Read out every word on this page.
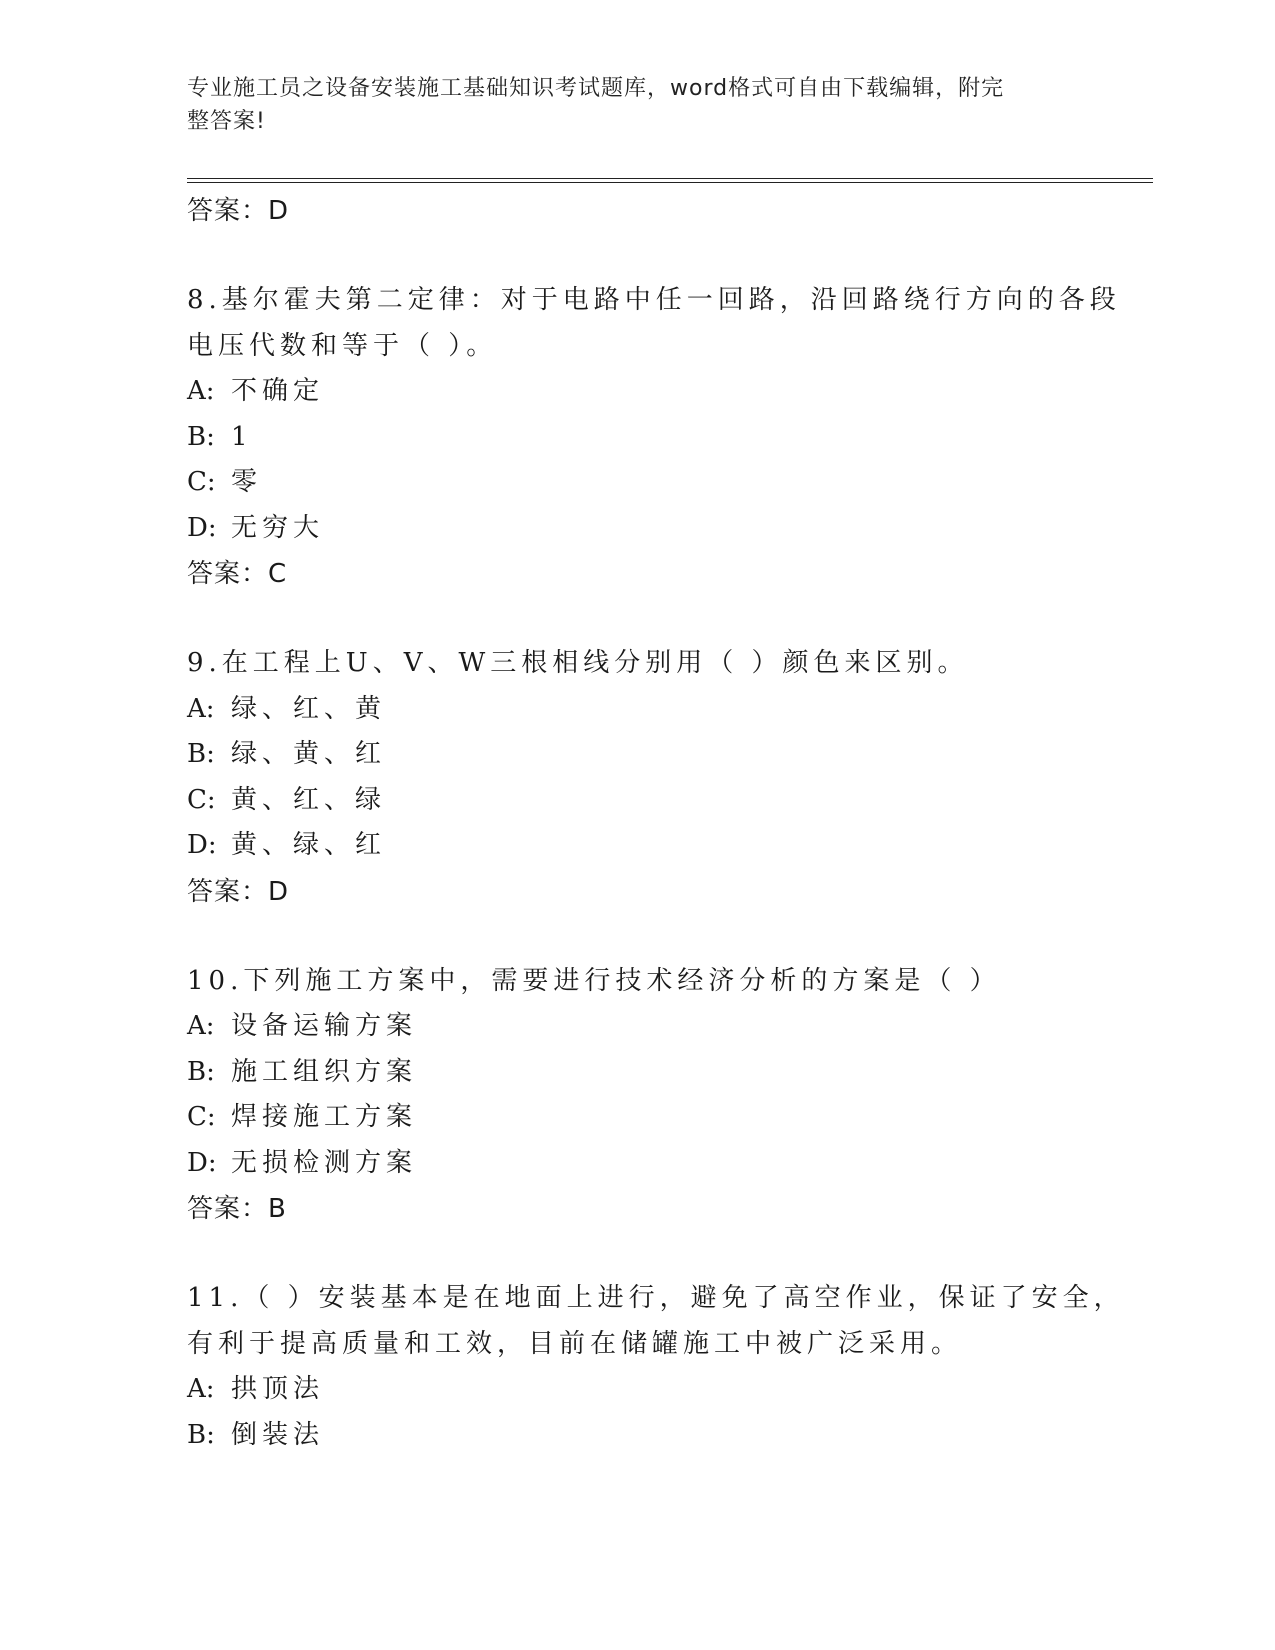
专业施工员之设备安装施工基础知识考试题库，word格式可自由下载编辑，附完
整答案!
答案：D
8.基尔霍夫第二定律：对于电路中任一回路，沿回路绕行方向的各段
电压代数和等于（ ）。
A: 不确定
B: 1
C: 零
D: 无穷大
答案：C
9.在工程上U、V、W三根相线分别用（ ）颜色来区别。
A: 绿、红、黄
B: 绿、黄、红
C: 黄、红、绿
D: 黄、绿、红
答案：D
10.下列施工方案中，需要进行技术经济分析的方案是（ ）
A: 设备运输方案
B: 施工组织方案
C: 焊接施工方案
D: 无损检测方案
答案：B
11.（ ）安装基本是在地面上进行，避免了高空作业，保证了安全，
有利于提高质量和工效，目前在储罐施工中被广泛采用。
A: 拱顶法
B: 倒装法
